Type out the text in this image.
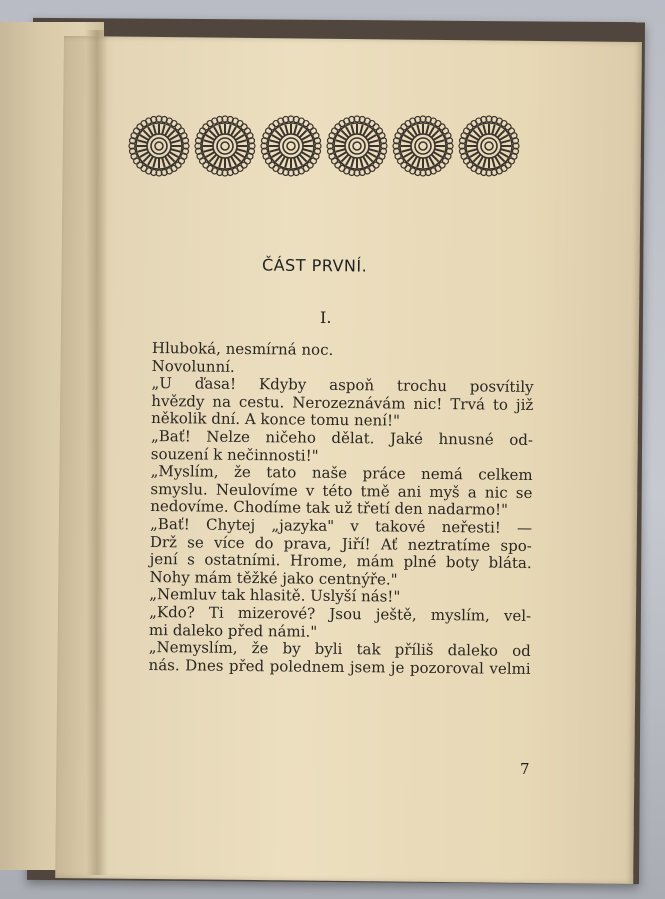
ČÁST PRVNÍ.
I.

Hluboká, nesmírná noc.

Novolunní.

„U ďasa! Kdyby aspoň trochu posvítily

hvězdy na cestu. Nerozeznávám nic! Trvá to již

několik dní. A konce tomu není!"

„Bať! Nelze ničeho dělat. Jaké hnusné od-

souzení k nečinnosti!"

„Myslím, že tato naše práce nemá celkem

smyslu. Neulovíme v této tmě ani myš a nic se

nedovíme. Chodíme tak už třetí den nadarmo!"

„Bať! Chytej „jazyka" v takové neřesti! —

Drž se více do prava, Jiří! Ať neztratíme spo-

jení s ostatními. Hrome, mám plné boty bláta.

Nohy mám těžké jako centnýře."

„Nemluv tak hlasitě. Uslyší nás!"

„Kdo? Ti mizerové? Jsou ještě, myslím, vel-

mi daleko před námi."

„Nemyslím, že by byli tak příliš daleko od

nás. Dnes před polednem jsem je pozoroval velmi

7
